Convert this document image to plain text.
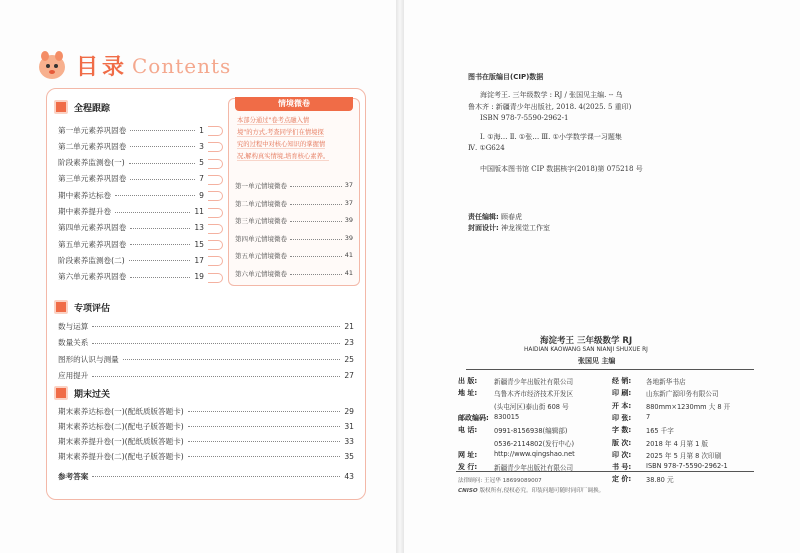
目录 Contents
全程跟踪
第一单元素养巩固卷	1
第二单元素养巩固卷	3
阶段素养监测卷(一)	5
第三单元素养巩固卷	7
期中素养达标卷	9
期中素养提升卷	11
第四单元素养巩固卷	13
第五单元素养巩固卷	15
阶段素养监测卷(二)	17
第六单元素养巩固卷	19
情境微卷
本部分通过"卷考点融入情
境"的方式,考查同学们在情境探
究的过程中对核心知识的掌握情
况,解构真实情境,培育核心素养。
第一单元情境微卷	37
第二单元情境微卷	37
第三单元情境微卷	39
第四单元情境微卷	39
第五单元情境微卷	41
第六单元情境微卷	41
专项评估
数与运算	21
数量关系	23
图形的认识与测量	25
应用提升	27
期末过关
期末素养达标卷(一)(配纸质版答题卡)	29
期末素养达标卷(二)(配电子版答题卡)	31
期末素养提升卷(一)(配纸质版答题卡)	33
期末素养提升卷(二)(配电子版答题卡)	35
参考答案	43
图书在版编目(CIP)数据
海淀考王. 三年级数学 : RJ / 张国见主编. -- 乌
鲁木齐 : 新疆青少年出版社, 2018. 4(2025. 5 重印)
ISBN 978-7-5590-2962-1
Ⅰ. ①海… Ⅱ. ①张… Ⅲ. ①小学数学课一习题集
Ⅳ. ①G624
中国版本图书馆 CIP 数据核字(2018)第 075218 号
责任编辑: 顾春虎
封面设计: 神龙视觉工作室
海淀考王 三年级数学 RJ
HAIDIAN KAOWANG SAN NIANJI SHUXUE RJ
张国见 主编
出 版:	新疆青少年出版社有限公司
地 址:	乌鲁木齐市经济技术开发区
(头屯河区)泰山街 608 号
邮政编码: 830015
电 话:	0991-8156938(编辑部)
0536-2114802(发行中心)
网 址:	http://www.qingshao.net
发 行:	新疆青少年出版社有限公司
经 销: 各地新华书店
印 刷: 山东新广源印务有限公司
开 本: 880mm×1230mm 大 8 开
印 张: 7
字 数: 165 千字
版 次: 2018 年 4 月第 1 版
印 次: 2025 年 5 月第 8 次印刷
书 号: ISBN 978-7-5590-2962-1
定 价: 38.80 元
法律顾问: 王冠华 18699089007
CNISO 版权所有,侵权必究。印装问题可随时同印厂调换。
